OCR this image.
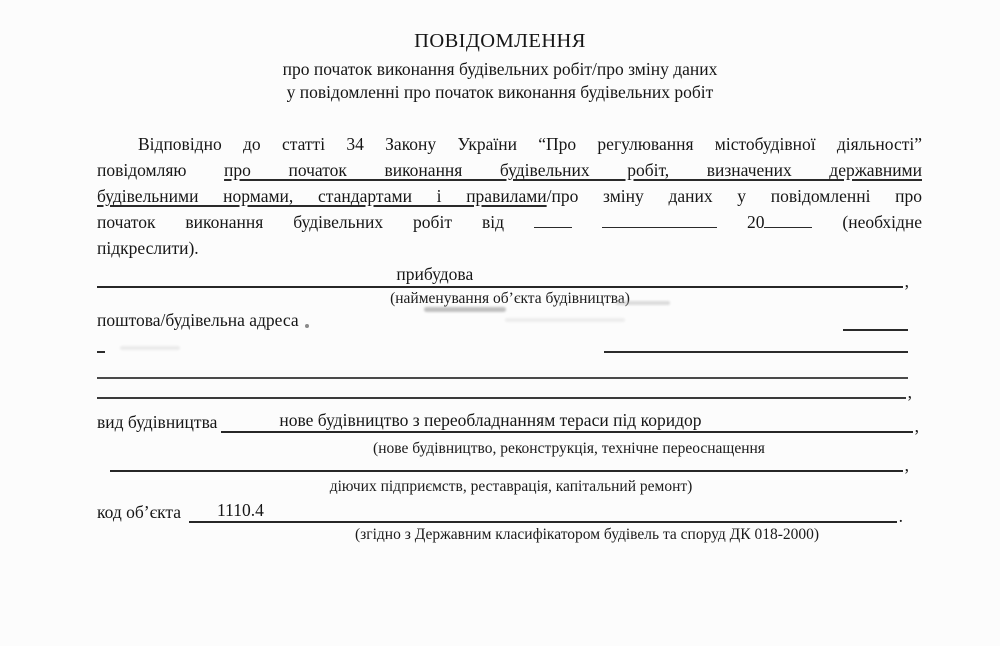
ПОВІДОМЛЕННЯ
про початок виконання будівельних робіт/про зміну даних
у повідомленні про початок виконання будівельних робіт
Відповідно до статті 34 Закону України “Про регулювання містобудівної діяльності”
повідомляю про початок виконання будівельних робіт, визначених державними
будівельними нормами, стандартами і правилами/про зміну даних у повідомленні про
початок виконання будівельних робіт від	20	(необхідне
підкреслити).
прибудова	,
(найменування об’єкта будівництва)
поштова/будівельна адреса
,
вид будівництва	нове будівництво з переобладнанням тераси під коридор	,
(нове будівництво, реконструкція, технічне переоснащення
,
діючих підприємств, реставрація, капітальний ремонт)
код об’єкта	1110.4	.
(згідно з Державним класифікатором будівель та споруд ДК 018-2000)
